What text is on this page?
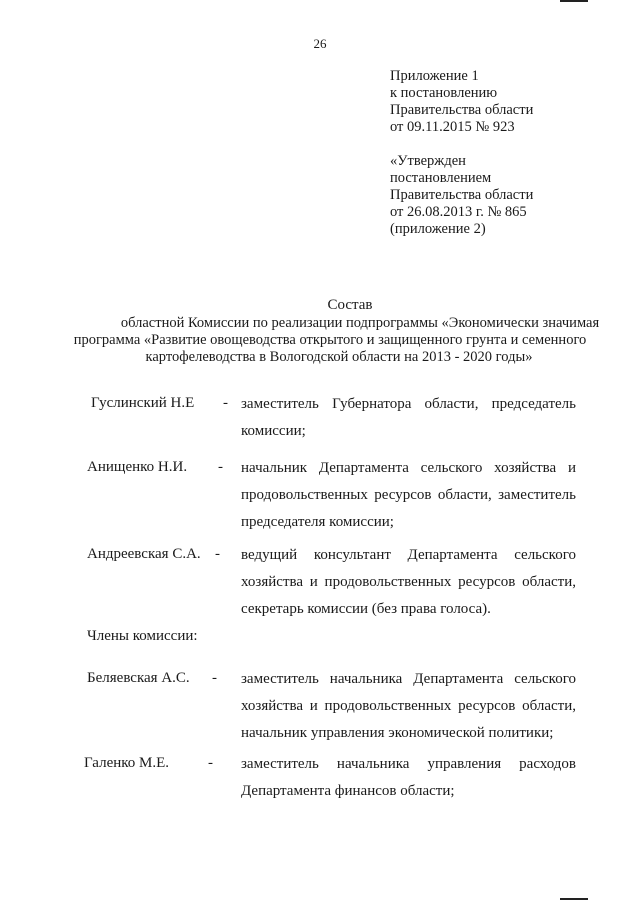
26
Приложение 1
к постановлению
Правительства области
от 09.11.2015 № 923
«Утвержден
постановлением
Правительства области
от 26.08.2013 г. № 865
(приложение 2)
Состав
областной Комиссии по реализации подпрограммы «Экономически значимая
программа «Развитие овощеводства открытого и защищенного грунта и семенного
картофелеводства в Вологодской области на 2013 - 2020 годы»
Гуслинский Н.Е - заместитель Губернатора области, председатель комиссии;

Анищенко Н.И. - начальник Департамента сельского хозяйства и продовольственных ресурсов области, заместитель председателя комиссии;

Андреевская С.А. - ведущий консультант Департамента сельского хозяйства и продовольственных ресурсов области, секретарь комиссии (без права голоса).

Члены комиссии:
Беляевская А.С. - заместитель начальника Департамента сельского хозяйства и продовольственных ресурсов области, начальник управления экономической политики;

Галенко М.Е.	- заместитель начальника управления расходов Департамента финансов области;
